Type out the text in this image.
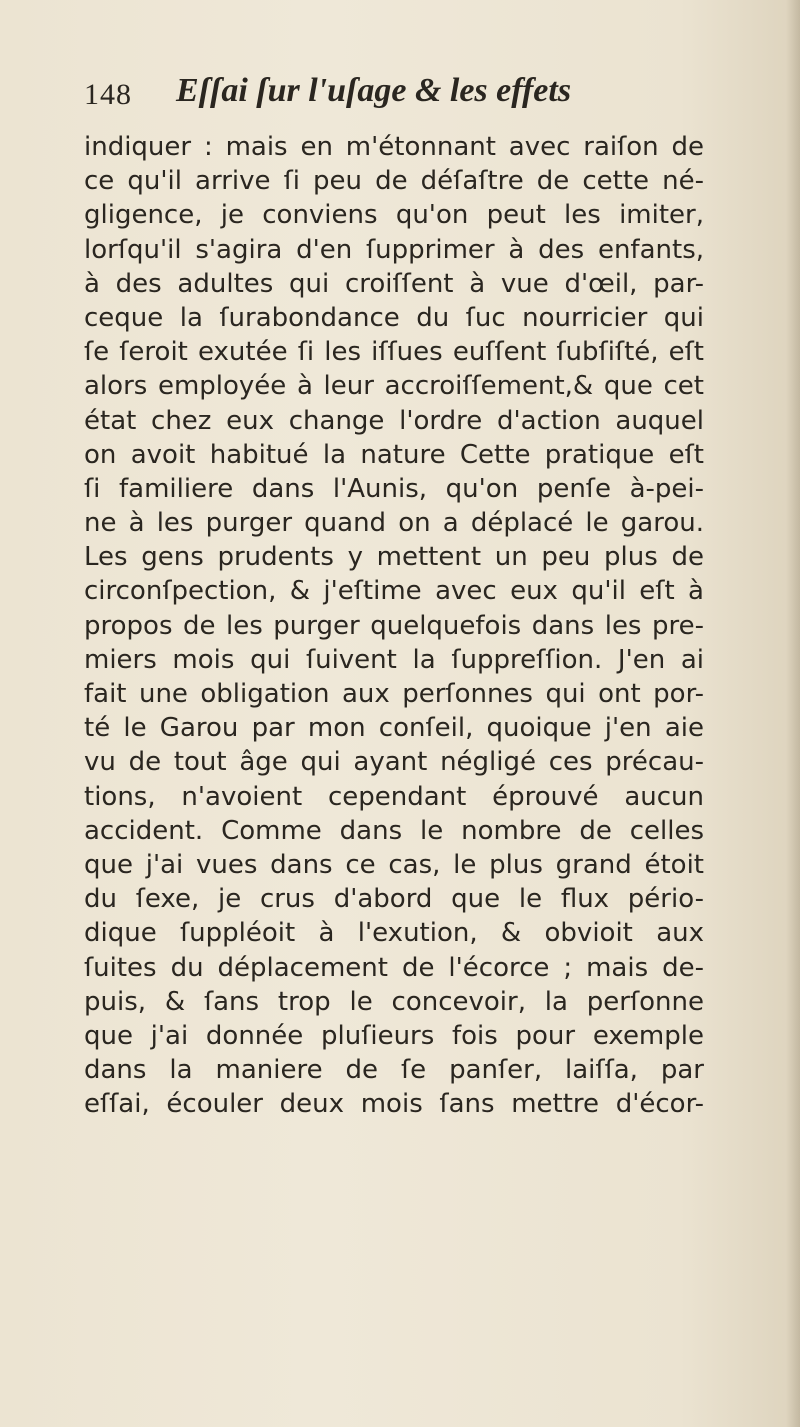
148 Eſſai ſur l'uſage & les effets
indiquer : mais en m'étonnant avec raiſon de
ce qu'il arrive ſi peu de déſaſtre de cette né-
gligence, je conviens qu'on peut les imiter,
lorſqu'il s'agira d'en ſupprimer à des enfants,
à des adultes qui croiſſent à vue d'œil, par-
ceque la ſurabondance du ſuc nourricier qui
ſe ſeroit exutée ſi les iſſues euſſent ſubſiſté, eſt
alors employée à leur accroiſſement,& que cet
état chez eux change l'ordre d'action auquel
on avoit habitué la nature Cette pratique eſt
ſi familiere dans l'Aunis, qu'on penſe à-pei-
ne à les purger quand on a déplacé le garou.
Les gens prudents y mettent un peu plus de
circonſpection, & j'eſtime avec eux qu'il eſt à
propos de les purger quelquefois dans les pre-
miers mois qui ſuivent la ſuppreſſion. J'en ai
fait une obligation aux perſonnes qui ont por-
té le Garou par mon conſeil, quoique j'en aie
vu de tout âge qui ayant négligé ces précau-
tions, n'avoient cependant éprouvé aucun
accident. Comme dans le nombre de celles
que j'ai vues dans ce cas, le plus grand étoit
du ſexe, je crus d'abord que le flux pério-
dique ſuppléoit à l'exution, & obvioit aux
ſuites du déplacement de l'écorce ; mais de-
puis, & ſans trop le concevoir, la perſonne
que j'ai donnée pluſieurs fois pour exemple
dans la maniere de ſe panſer, laiſſa, par
eſſai, écouler deux mois ſans mettre d'écor-
